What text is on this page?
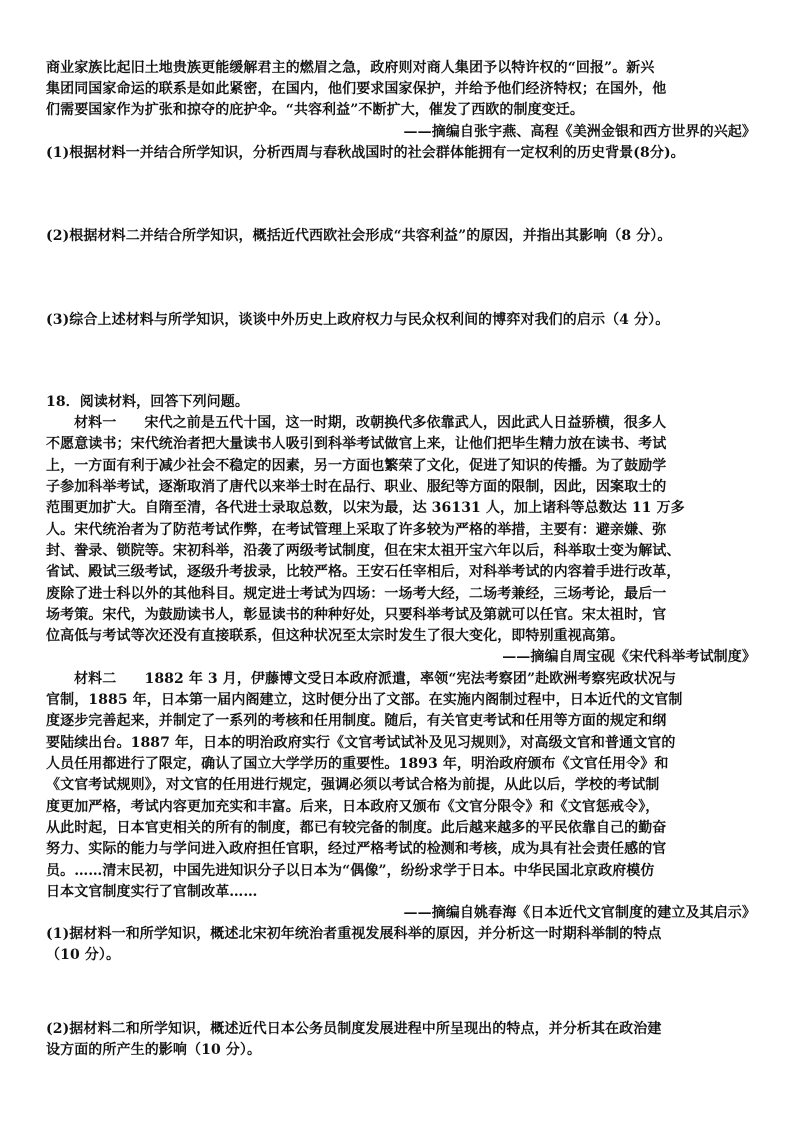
商业家族比起旧土地贵族更能缓解君主的燃眉之急，政府则对商人集团予以特许权的“回报”。新兴
集团同国家命运的联系是如此紧密，在国内，他们要求国家保护，并给予他们经济特权；在国外，他
们需要国家作为扩张和掠夺的庇护伞。“共容利益”不断扩大，催发了西欧的制度变迁。
——摘编自张宇燕、高程《美洲金银和西方世界的兴起》
(1)根据材料一并结合所学知识，分析西周与春秋战国时的社会群体能拥有一定权利的历史背景(8分)。
(2)根据材料二并结合所学知识，概括近代西欧社会形成“共容利益”的原因，并指出其影响（8 分）。
(3)综合上述材料与所学知识，谈谈中外历史上政府权力与民众权利间的博弈对我们的启示（4 分）。
18．阅读材料，回答下列问题。
材料一　　宋代之前是五代十国，这一时期，改朝换代多依靠武人，因此武人日益骄横，很多人
不愿意读书；宋代统治者把大量读书人吸引到科举考试做官上来，让他们把毕生精力放在读书、考试
上，一方面有利于减少社会不稳定的因素，另一方面也繁荣了文化，促进了知识的传播。为了鼓励学
子参加科举考试，逐渐取消了唐代以来举士时在品行、职业、服纪等方面的限制，因此，因案取士的
范围更加扩大。自隋至清，各代进士录取总数，以宋为最，达 36131 人，加上诸科等总数达 11 万多
人。宋代统治者为了防范考试作弊，在考试管理上采取了许多较为严格的举措，主要有：避亲嫌、弥
封、誊录、锁院等。宋初科举，沿袭了两级考试制度，但在宋太祖开宝六年以后，科举取士变为解试、
省试、殿试三级考试，逐级升考拔录，比较严格。王安石任宰相后，对科举考试的内容着手进行改革，
废除了进士科以外的其他科目。规定进士考试为四场：一场考大经，二场考兼经，三场考论，最后一
场考策。宋代，为鼓励读书人，彰显读书的种种好处，只要科举考试及第就可以任官。宋太祖时，官
位高低与考试等次还没有直接联系，但这种状况至太宗时发生了很大变化，即特别重视高第。
——摘编自周宝砚《宋代科举考试制度》
材料二　　1882 年 3 月，伊藤博文受日本政府派遣，率领“宪法考察团”赴欧洲考察宪政状况与
官制，1885 年，日本第一届内阁建立，这时便分出了文部。在实施内阁制过程中，日本近代的文官制
度逐步完善起来，并制定了一系列的考核和任用制度。随后，有关官吏考试和任用等方面的规定和纲
要陆续出台。1887 年，日本的明治政府实行《文官考试试补及见习规则》，对高级文官和普通文官的
人员任用都进行了限定，确认了国立大学学历的重要性。1893 年，明治政府颁布《文官任用令》和
《文官考试规则》，对文官的任用进行规定，强调必须以考试合格为前提，从此以后，学校的考试制
度更加严格，考试内容更加充实和丰富。后来，日本政府又颁布《文官分限令》和《文官惩戒令》，
从此时起，日本官吏相关的所有的制度，都已有较完备的制度。此后越来越多的平民依靠自己的勤奋
努力、实际的能力与学问进入政府担任官职，经过严格考试的检测和考核，成为具有社会责任感的官
员。……清末民初，中国先进知识分子以日本为“偶像”，纷纷求学于日本。中华民国北京政府模仿
日本文官制度实行了官制改革……
——摘编自姚春海《日本近代文官制度的建立及其启示》
(1)据材料一和所学知识，概述北宋初年统治者重视发展科举的原因，并分析这一时期科举制的特点
（10 分）。
(2)据材料二和所学知识，概述近代日本公务员制度发展进程中所呈现出的特点，并分析其在政治建
设方面的所产生的影响（10 分）。
